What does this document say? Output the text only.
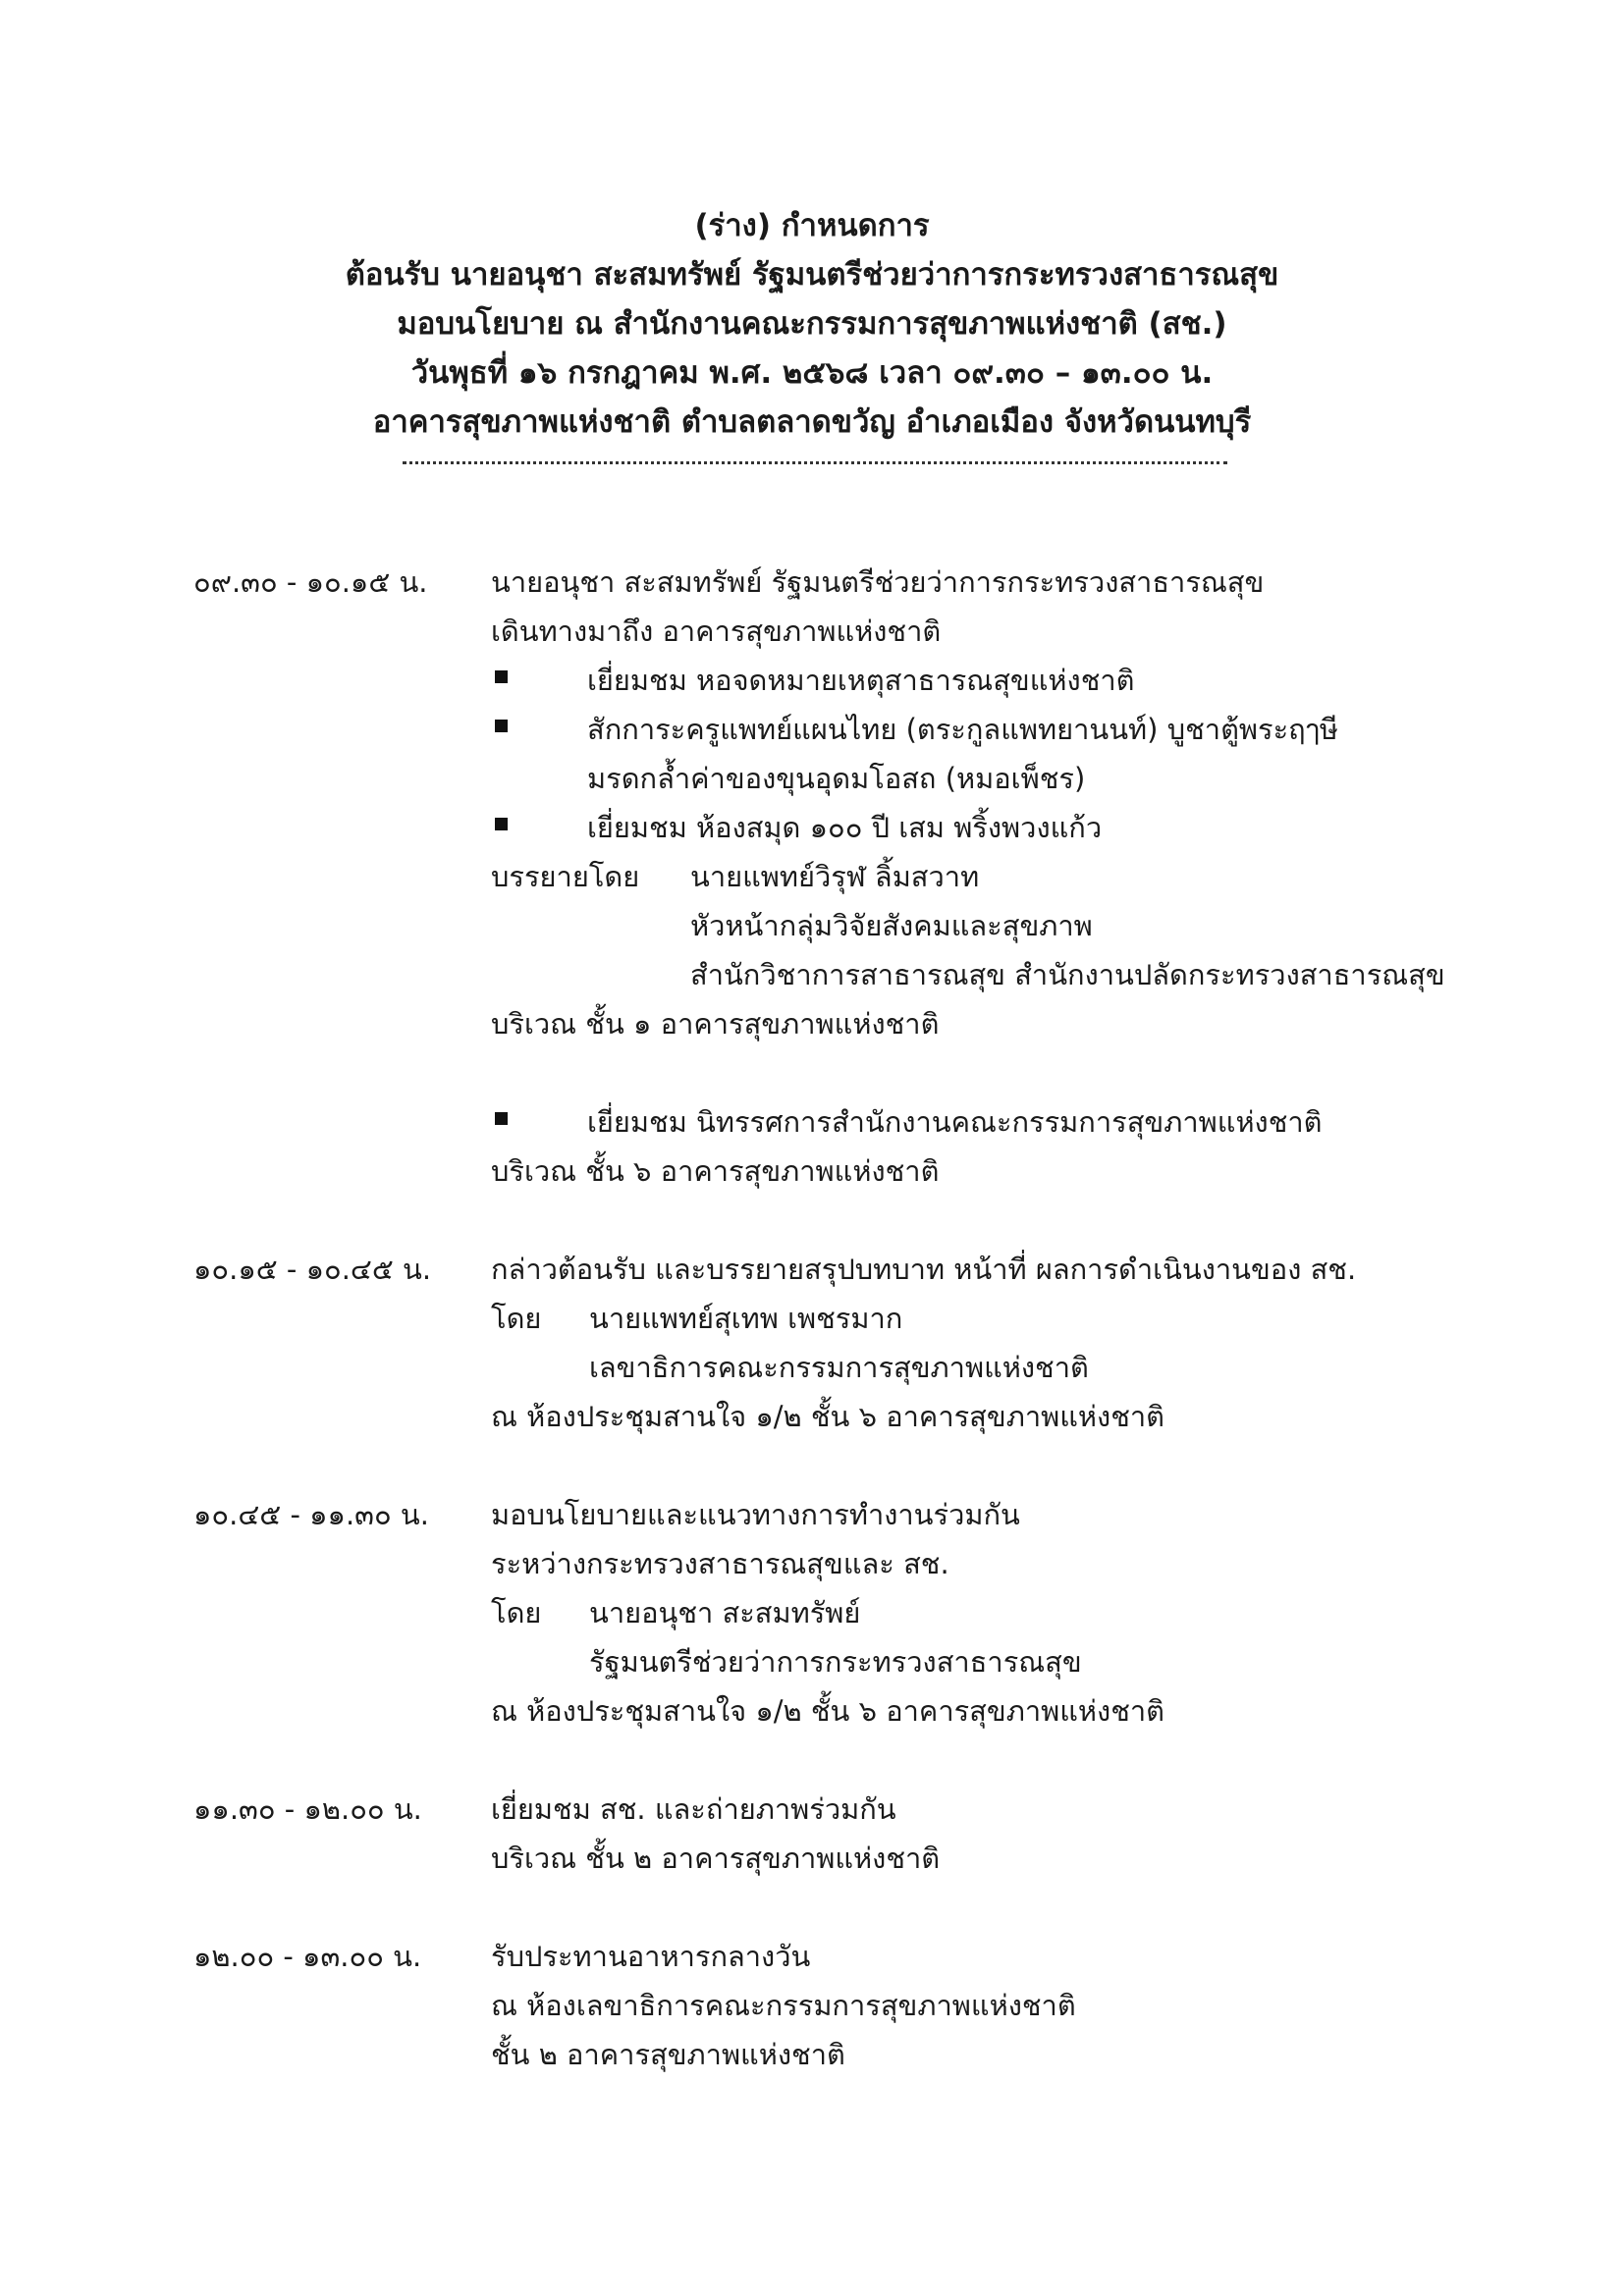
(ร่าง) กำหนดการ
ต้อนรับ นายอนุชา สะสมทรัพย์ รัฐมนตรีช่วยว่าการกระทรวงสาธารณสุข
มอบนโยบาย ณ สำนักงานคณะกรรมการสุขภาพแห่งชาติ (สช.)
วันพุธที่ ๑๖ กรกฎาคม พ.ศ. ๒๕๖๘ เวลา ๐๙.๓๐ – ๑๓.๐๐ น.
อาคารสุขภาพแห่งชาติ ตำบลตลาดขวัญ อำเภอเมือง จังหวัดนนทบุรี
๐๙.๓๐ - ๑๐.๑๕ น. นายอนุชา สะสมทรัพย์ รัฐมนตรีช่วยว่าการกระทรวงสาธารณสุข
เดินทางมาถึง อาคารสุขภาพแห่งชาติ
เยี่ยมชม หอจดหมายเหตุสาธารณสุขแห่งชาติ
สักการะครูแพทย์แผนไทย (ตระกูลแพทยานนท์) บูชาตู้พระฤๅษี
มรดกล้ำค่าของขุนอุดมโอสถ (หมอเพ็ชร)
เยี่ยมชม ห้องสมุด ๑๐๐ ปี เสม พริ้งพวงแก้ว
บรรยายโดย นายแพทย์วิรุฬ ลิ้มสวาท
หัวหน้ากลุ่มวิจัยสังคมและสุขภาพ
สำนักวิชาการสาธารณสุข สำนักงานปลัดกระทรวงสาธารณสุข
บริเวณ ชั้น ๑ อาคารสุขภาพแห่งชาติ
เยี่ยมชม นิทรรศการสำนักงานคณะกรรมการสุขภาพแห่งชาติ
บริเวณ ชั้น ๖ อาคารสุขภาพแห่งชาติ
๑๐.๑๕ - ๑๐.๔๕ น. กล่าวต้อนรับ และบรรยายสรุปบทบาท หน้าที่ ผลการดำเนินงานของ สช.
โดย นายแพทย์สุเทพ เพชรมาก
เลขาธิการคณะกรรมการสุขภาพแห่งชาติ
ณ ห้องประชุมสานใจ ๑/๒ ชั้น ๖ อาคารสุขภาพแห่งชาติ
๑๐.๔๕ - ๑๑.๓๐ น. มอบนโยบายและแนวทางการทำงานร่วมกัน
ระหว่างกระทรวงสาธารณสุขและ สช.
โดย นายอนุชา สะสมทรัพย์
รัฐมนตรีช่วยว่าการกระทรวงสาธารณสุข
ณ ห้องประชุมสานใจ ๑/๒ ชั้น ๖ อาคารสุขภาพแห่งชาติ
๑๑.๓๐ - ๑๒.๐๐ น. เยี่ยมชม สช. และถ่ายภาพร่วมกัน
บริเวณ ชั้น ๒ อาคารสุขภาพแห่งชาติ
๑๒.๐๐ - ๑๓.๐๐ น. รับประทานอาหารกลางวัน
ณ ห้องเลขาธิการคณะกรรมการสุขภาพแห่งชาติ
ชั้น ๒ อาคารสุขภาพแห่งชาติ
